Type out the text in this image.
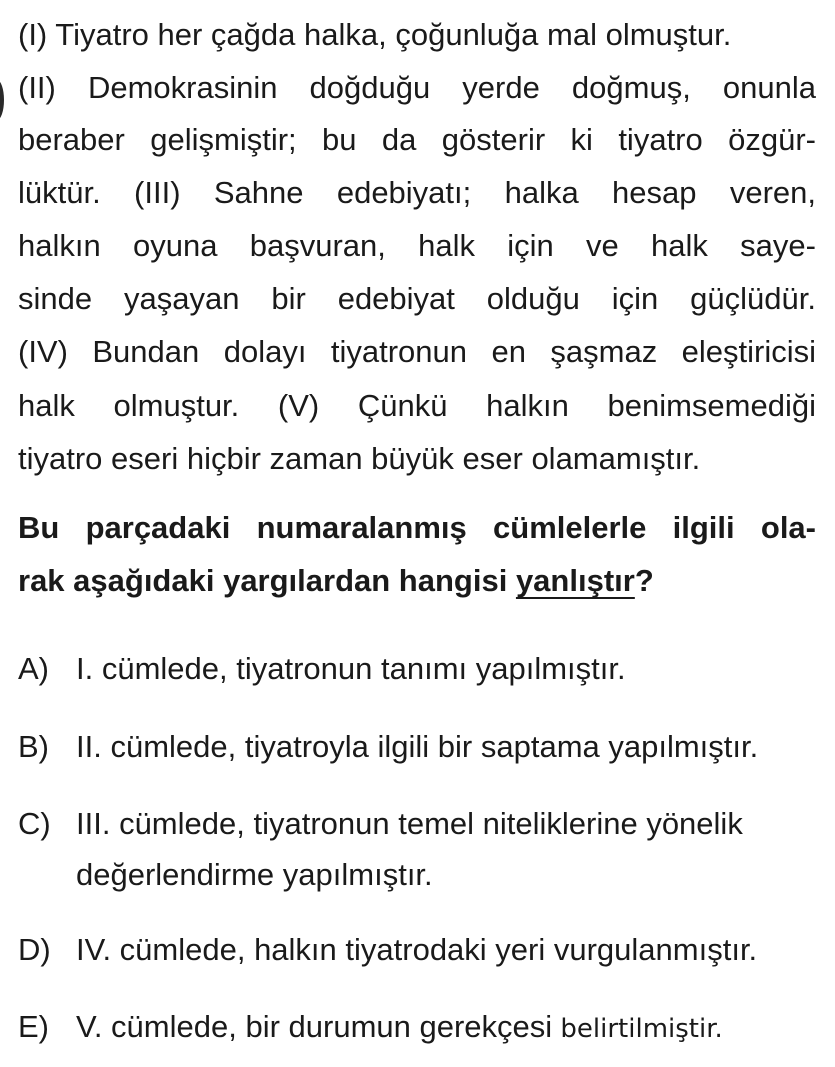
(I) Tiyatro her çağda halka, çoğunluğa mal olmuştur.
(II) Demokrasinin doğduğu yerde doğmuş, onunla
beraber gelişmiştir; bu da gösterir ki tiyatro özgür-
lüktür. (III) Sahne edebiyatı; halka hesap veren,
halkın oyuna başvuran, halk için ve halk saye-
sinde yaşayan bir edebiyat olduğu için güçlüdür.
(IV) Bundan dolayı tiyatronun en şaşmaz eleştiricisi
halk olmuştur. (V) Çünkü halkın benimsemediği
tiyatro eseri hiçbir zaman büyük eser olamamıştır.
Bu parçadaki numaralanmış cümlelerle ilgili ola-
rak aşağıdaki yargılardan hangisi yanlıştır?
A) I. cümlede, tiyatronun tanımı yapılmıştır.
B) II. cümlede, tiyatroyla ilgili bir saptama yapılmıştır.
C) III. cümlede, tiyatronun temel niteliklerine yönelik
değerlendirme yapılmıştır.
D) IV. cümlede, halkın tiyatrodaki yeri vurgulanmıştır.
E) V. cümlede, bir durumun gerekçesi belirtilmiştir.
